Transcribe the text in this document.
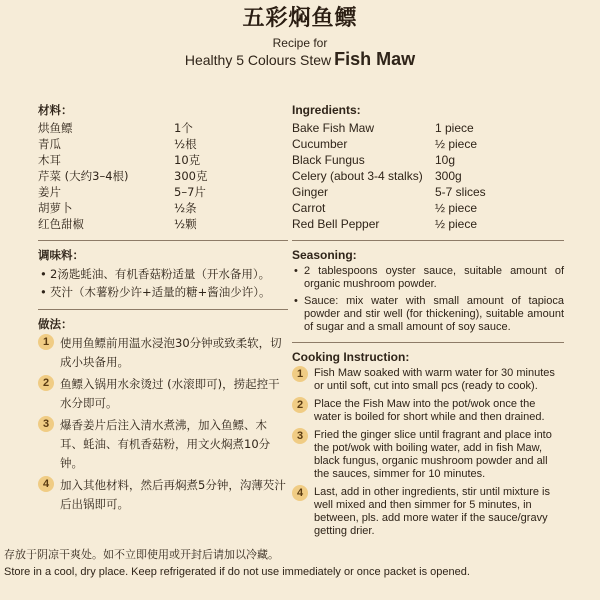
五彩焖鱼鳔
Recipe for
Healthy 5 Colours Stew Fish Maw
材料：
烘鱼鳔	1个
青瓜	½根
木耳	10克
芹菜 (大约3–4根)	300克
姜片	5–7片
胡萝卜	½条
红色甜椒	½颗
调味料：
• 2汤匙蚝油、有机香菇粉适量（开水备用）。
• 芡汁（木薯粉少许+适量的糖+酱油少许）。
做法：
1 使用鱼鳔前用温水浸泡30分钟或致柔软，切成小块备用。
2 鱼鳔入锅用水汆烫过 (水滚即可)，捞起控干水分即可。
3 爆香姜片后注入清水煮沸，加入鱼鳔、木耳、蚝油、有机香菇粉，用文火焖煮10分钟。
4 加入其他材料，然后再焖煮5分钟，沟薄芡汁后出锅即可。
Ingredients:
Bake Fish Maw	1 piece
Cucumber	½ piece
Black Fungus	10g
Celery (about 3-4 stalks)	300g
Ginger	5-7 slices
Carrot	½ piece
Red Bell Pepper	½ piece
Seasoning:
• 2 tablespoons oyster sauce, suitable amount of organic mushroom powder.
• Sauce: mix water with small amount of tapioca powder and stir well (for thickening), suitable amount of sugar and a small amount of soy sauce.
Cooking Instruction:
1 Fish Maw soaked with warm water for 30 minutes or until soft, cut into small pcs (ready to cook).
2 Place the Fish Maw into the pot/wok once the water is boiled for short while and then drained.
3 Fried the ginger slice until fragrant and place into the pot/wok with boiling water, add in fish Maw, black fungus, organic mushroom powder and all the sauces, simmer for 10 minutes.
4 Last, add in other ingredients, stir until mixture is well mixed and then simmer for 5 minutes, in between, pls. add more water if the sauce/gravy getting drier.
存放于阴凉干爽处。如不立即使用或开封后请加以冷藏。
Store in a cool, dry place. Keep refrigerated if do not use immediately or once packet is opened.
